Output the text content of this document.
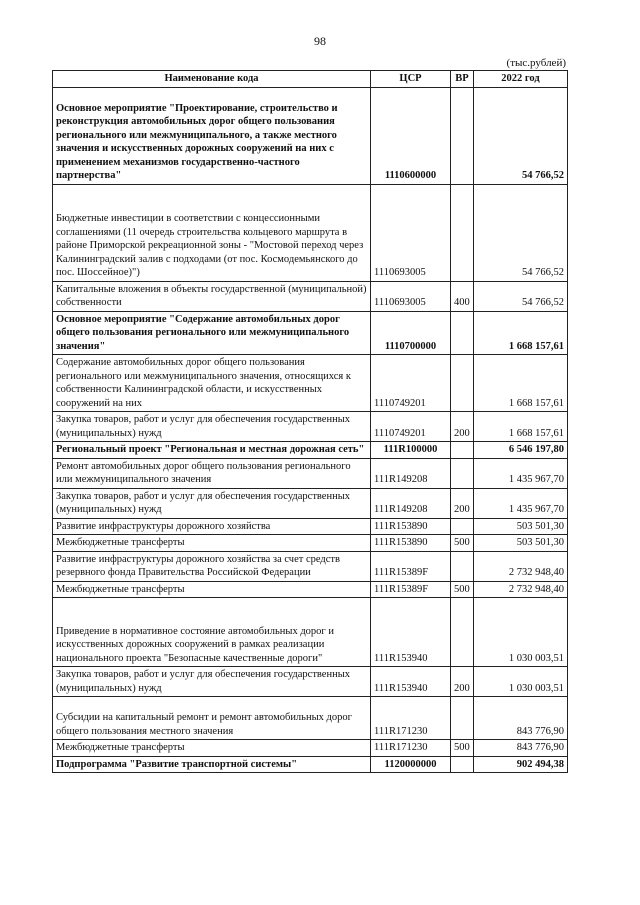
98
(тыс.рублей)
Наименование кода	ЦСР	ВР	2022 год
Основное мероприятие "Проектирование, строительство и реконструкция автомобильных дорог общего пользования регионального или межмуниципального, а также местного значения и искусственных дорожных сооружений на них с применением механизмов государственно-частного партнерства"	1110600000		54 766,52
Бюджетные инвестиции в соответствии с концессионными соглашениями (11 очередь строительства кольцевого маршрута в районе Приморской рекреационной зоны - "Мостовой переход через Калининградский залив с подходами (от пос. Космодемьянского до пос. Шоссейное)")	1110693005		54 766,52
Капитальные вложения в объекты государственной (муниципальной) собственности	1110693005	400	54 766,52
Основное мероприятие "Содержание автомобильных дорог общего пользования регионального или межмуниципального значения"	1110700000		1 668 157,61
Содержание автомобильных дорог общего пользования регионального или межмуниципального значения, относящихся к собственности Калининградской области, и искусственных сооружений на них	1110749201		1 668 157,61
Закупка товаров, работ и услуг для обеспечения государственных (муниципальных) нужд	1110749201	200	1 668 157,61
Региональный проект "Региональная и местная дорожная сеть"	111R100000		6 546 197,80
Ремонт автомобильных дорог общего пользования регионального или межмуниципального значения	111R149208		1 435 967,70
Закупка товаров, работ и услуг для обеспечения государственных (муниципальных) нужд	111R149208	200	1 435 967,70
Развитие инфраструктуры дорожного хозяйства	111R153890		503 501,30
Межбюджетные трансферты	111R153890	500	503 501,30
Развитие инфраструктуры дорожного хозяйства за счет средств резервного фонда Правительства Российской Федерации	111R15389F		2 732 948,40
Межбюджетные трансферты	111R15389F	500	2 732 948,40
Приведение в нормативное состояние автомобильных дорог и искусственных дорожных сооружений в рамках реализации национального проекта "Безопасные качественные дороги"	111R153940		1 030 003,51
Закупка товаров, работ и услуг для обеспечения государственных (муниципальных) нужд	111R153940	200	1 030 003,51
Субсидии на капитальный ремонт и ремонт автомобильных дорог общего пользования местного значения	111R171230		843 776,90
Межбюджетные трансферты	111R171230	500	843 776,90
Подпрограмма "Развитие транспортной системы"	1120000000		902 494,38
